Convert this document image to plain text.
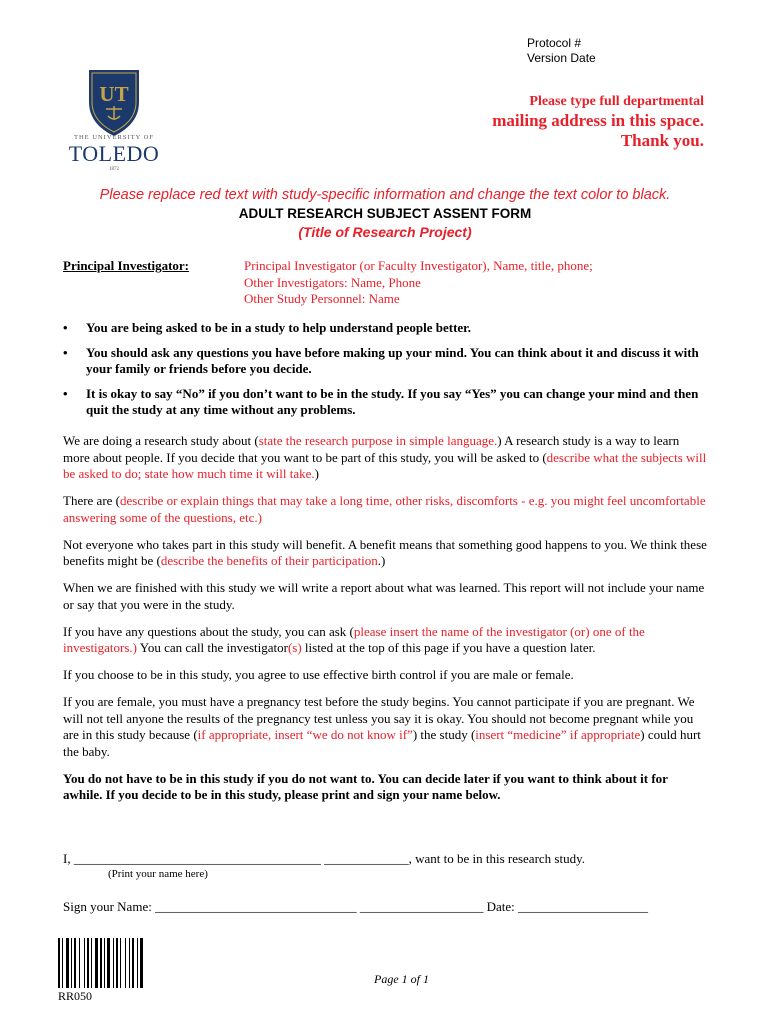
Protocol #
Version Date
UT
THE UNIVERSITY OF
TOLEDO
1872
Please type full departmental
mailing address in this space.
Thank you.
Please replace red text with study-specific information and change the text color to black.
ADULT RESEARCH SUBJECT ASSENT FORM
(Title of Research Project)
Principal Investigator:	Principal Investigator (or Faculty Investigator), Name, title, phone;
Other Investigators: Name, Phone
Other Study Personnel: Name
•	You are being asked to be in a study to help understand people better.
•	You should ask any questions you have before making up your mind. You can think about it and discuss it with your family or friends before you decide.
•	It is okay to say “No” if you don’t want to be in the study. If you say “Yes” you can change your mind and then quit the study at any time without any problems.

We are doing a research study about (state the research purpose in simple language.) A research study is a way to learn more about people. If you decide that you want to be part of this study, you will be asked to (describe what the subjects will be asked to do; state how much time it will take.)

There are (describe or explain things that may take a long time, other risks, discomforts - e.g. you might feel uncomfortable answering some of the questions, etc.)

Not everyone who takes part in this study will benefit. A benefit means that something good happens to you. We think these benefits might be (describe the benefits of their participation.)

When we are finished with this study we will write a report about what was learned. This report will not include your name or say that you were in the study.

If you have any questions about the study, you can ask (please insert the name of the investigator (or) one of the investigators.) You can call the investigator(s) listed at the top of this page if you have a question later.

If you choose to be in this study, you agree to use effective birth control if you are male or female.

If you are female, you must have a pregnancy test before the study begins. You cannot participate if you are pregnant. We will not tell anyone the results of the pregnancy test unless you say it is okay. You should not become pregnant while you are in this study because (if appropriate, insert “we do not know if”) the study (insert “medicine” if appropriate) could hurt the baby.

You do not have to be in this study if you do not want to. You can decide later if you want to think about it for awhile. If you decide to be in this study, please print and sign your name below.

I, ______________________________________ _____________, want to be in this research study.
(Print your name here)
Sign your Name: _______________________________ ___________________ Date: ____________________
RR050
Page 1 of 1
